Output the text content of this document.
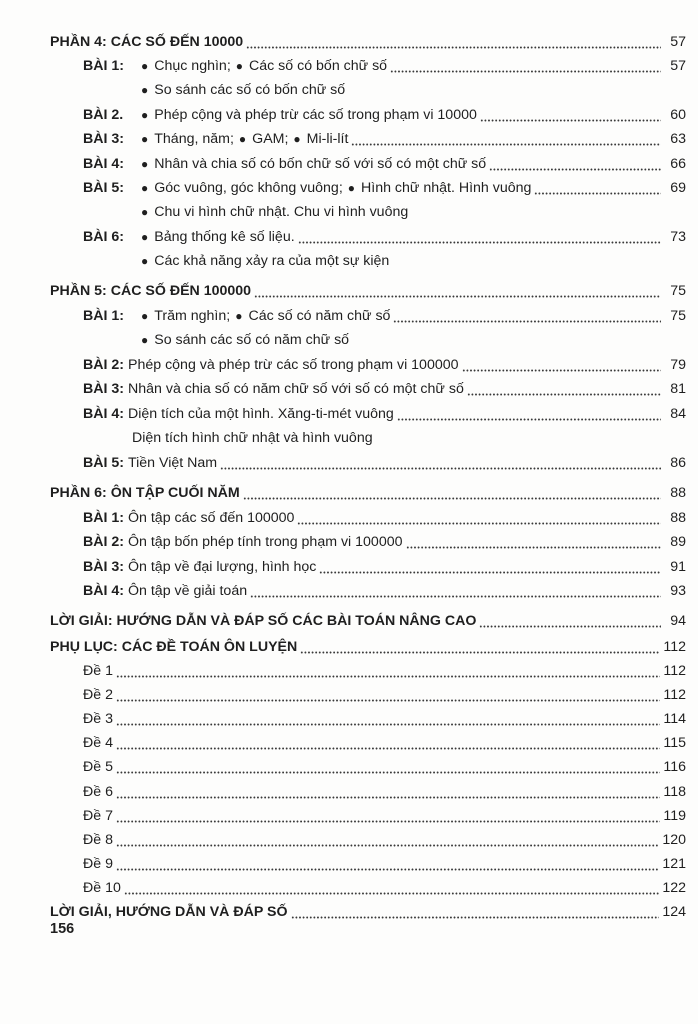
PHẦN 4: CÁC SỐ ĐẾN 10000	57
BÀI 1: ●	Chục nghìn; ● Các số có bốn chữ số	57
●
So sánh các số có bốn chữ số
BÀI 2. ●	Phép cộng và phép trừ các số trong phạm vi 10000	60
BÀI 3: ●	Tháng, năm; ● GAM; ● Mi-li-lít	63
BÀI 4: ●	Nhân và chia số có bốn chữ số với số có một chữ số	66
BÀI 5: ●	Góc vuông, góc không vuông; ● Hình chữ nhật. Hình vuông	69
●
Chu vi hình chữ nhật. Chu vi hình vuông
BÀI 6: ●	Bảng thống kê số liệu.	73
●
Các khả năng xảy ra của một sự kiện
PHẦN 5: CÁC SỐ ĐẾN 100000	75
BÀI 1: ●	Trăm nghìn; ● Các số có năm chữ số	75
●
So sánh các số có năm chữ số
BÀI 2: Phép cộng và phép trừ các số trong phạm vi 100000	79
BÀI 3: Nhân và chia số có năm chữ số với số có một chữ số	81
BÀI 4: Diện tích của một hình. Xăng-ti-mét vuông	84
Diện tích hình chữ nhật và hình vuông
BÀI 5: Tiền Việt Nam	86
PHẦN 6: ÔN TẬP CUỐI NĂM	88
BÀI 1: Ôn tập các số đến 100000	88
BÀI 2: Ôn tập bốn phép tính trong phạm vi 100000	89
BÀI 3: Ôn tập về đại lượng, hình học	91
BÀI 4: Ôn tập về giải toán	93
LỜI GIẢI: HƯỚNG DẪN VÀ ĐÁP SỐ CÁC BÀI TOÁN NÂNG CAO	94
PHỤ LỤC: CÁC ĐỀ TOÁN ÔN LUYỆN	112
Đề 1	112
Đề 2	112
Đề 3	114
Đề 4	115
Đề 5	116
Đề 6	118
Đề 7	119
Đề 8	120
Đề 9	121
Đề 10	122
LỜI GIẢI, HƯỚNG DẪN VÀ ĐÁP SỐ	124
156
